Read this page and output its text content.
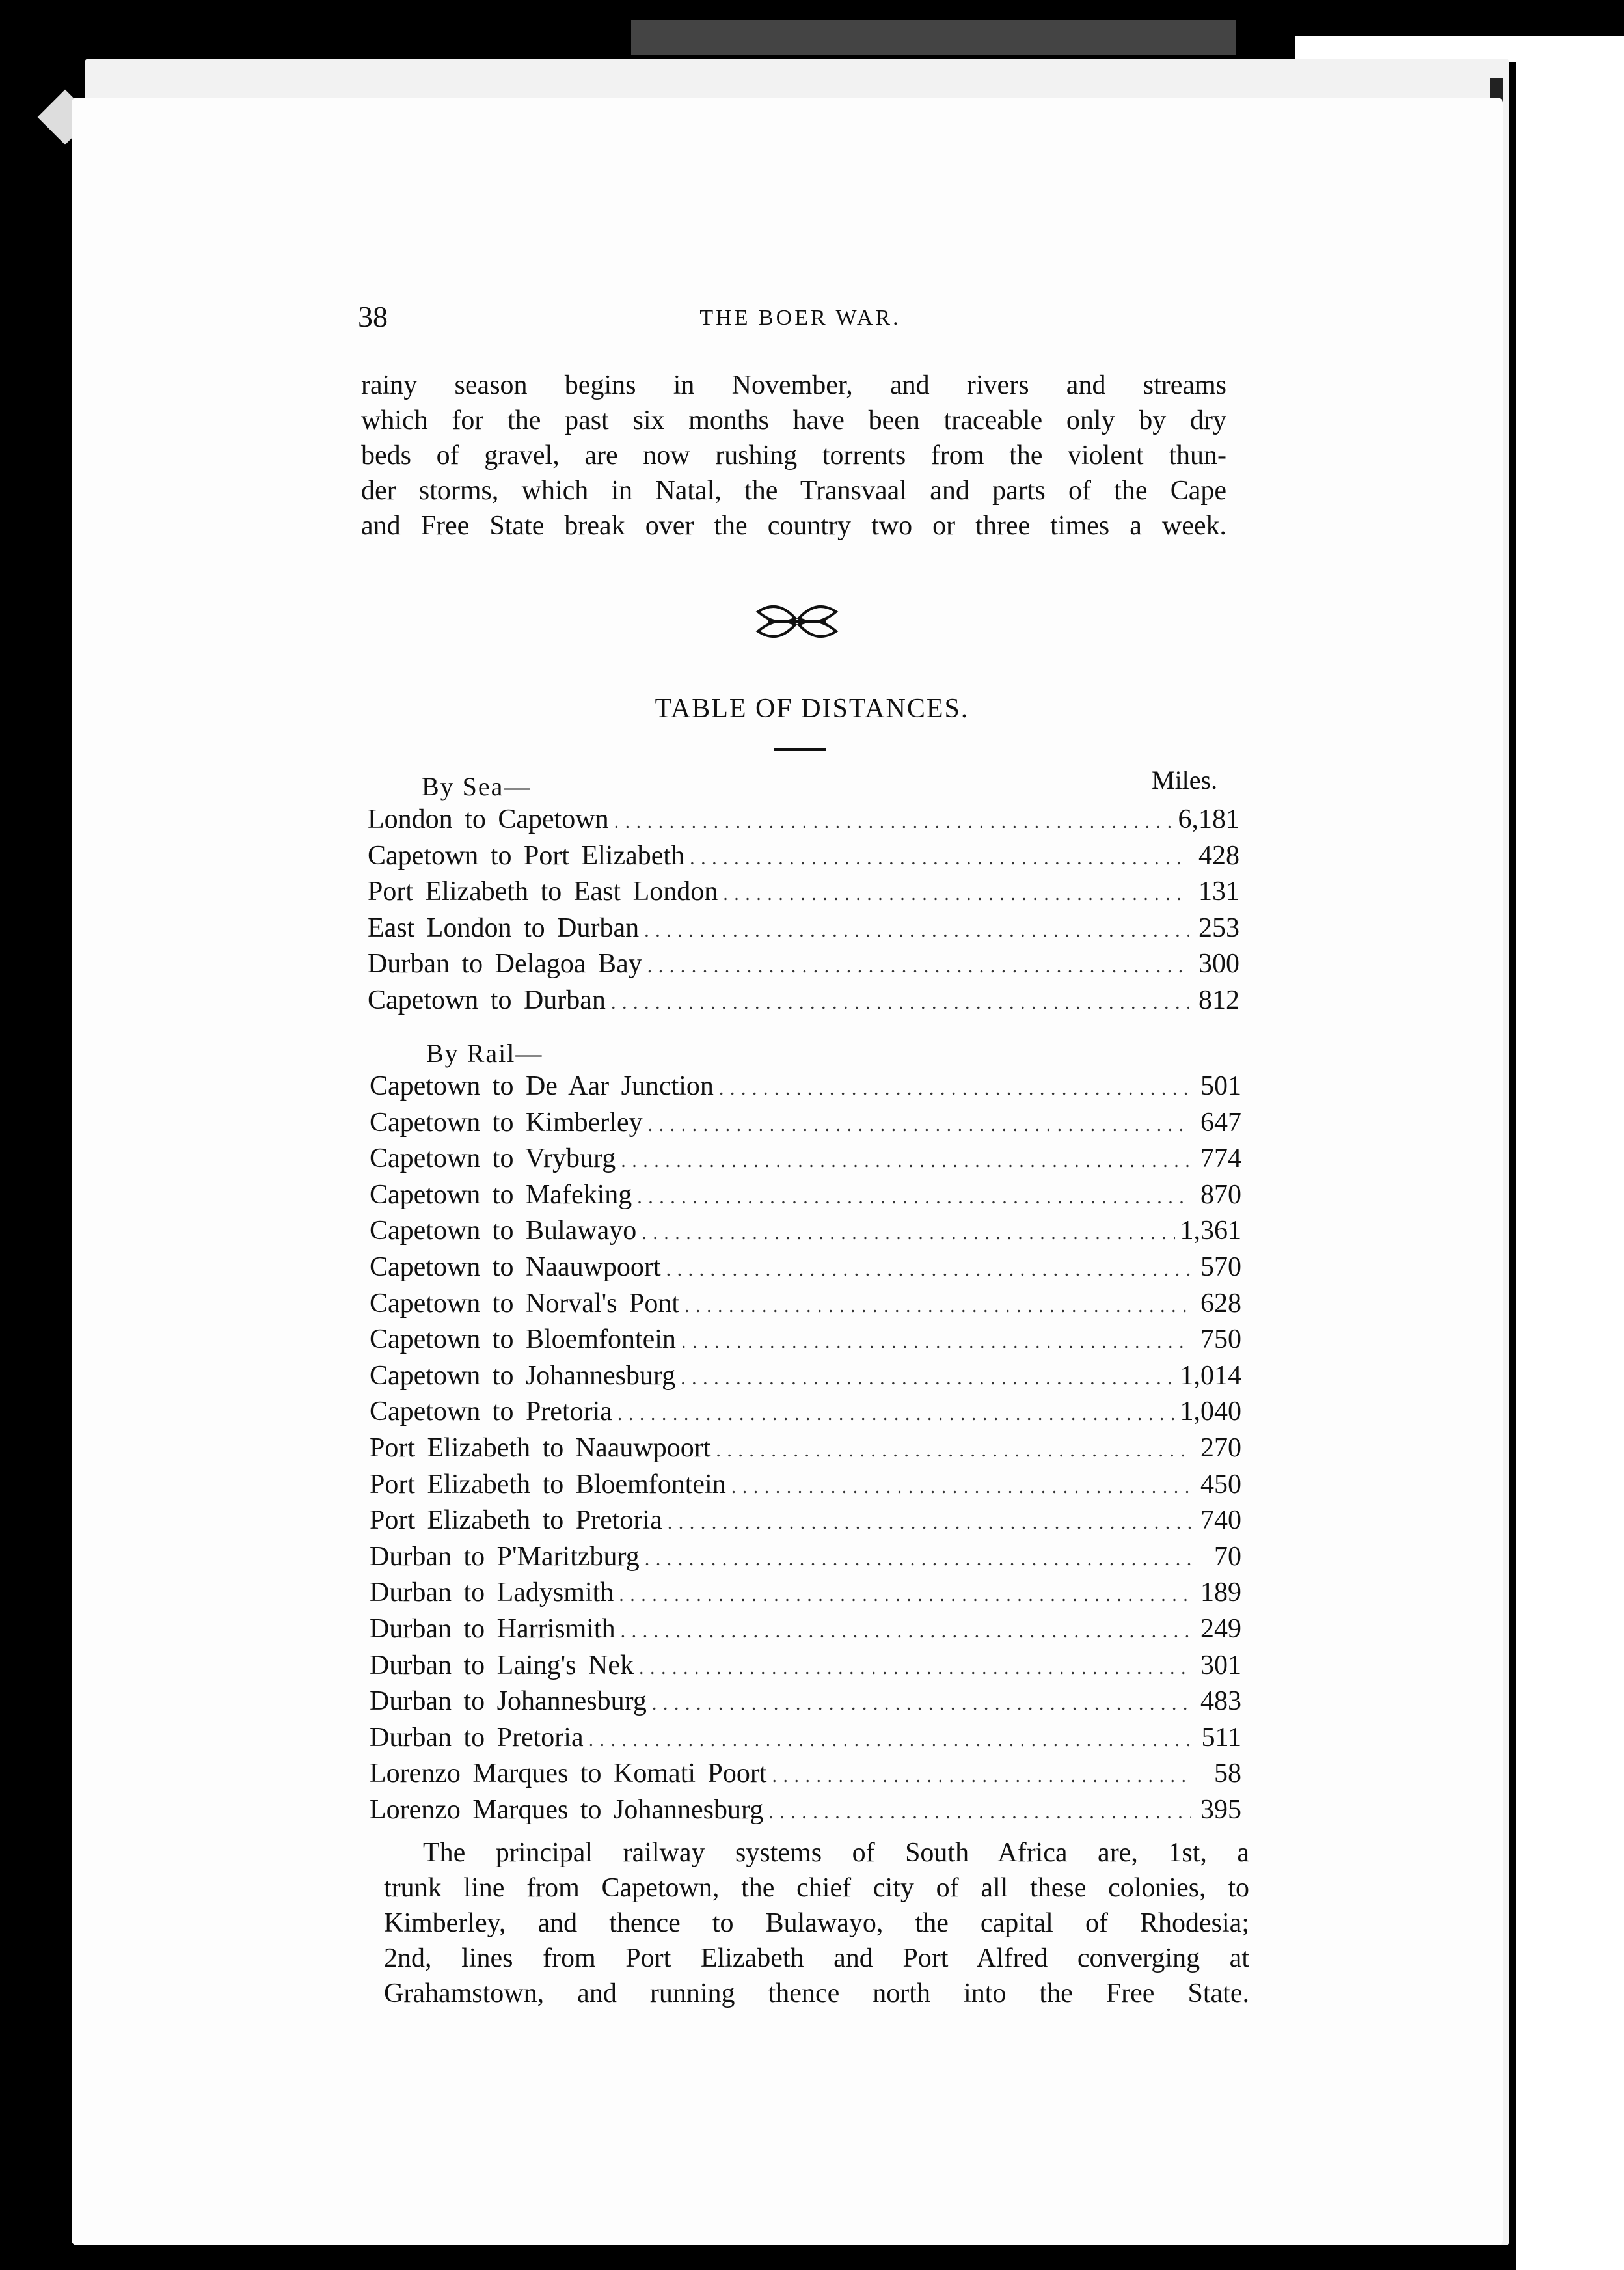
38	THE BOER WAR.
rainy season begins in November, and rivers and streams
which for the past six months have been traceable only by dry
beds of gravel, are now rushing torrents from the violent thun-
der storms, which in Natal, the Transvaal and parts of the Cape
and Free State break over the country two or three times a week.
TABLE OF DISTANCES.
By Sea—	Miles.
London to Capetown . . .	6,181
Capetown to Port Elizabeth . . .	428
Port Elizabeth to East London . . .	131
East London to Durban . . .	253
Durban to Delagoa Bay . . .	300
Capetown to Durban . . .	812
By Rail—
Capetown to De Aar Junction . . .	501
Capetown to Kimberley . . .	647
Capetown to Vryburg . . .	774
Capetown to Mafeking . . .	870
Capetown to Bulawayo . . .	1,361
Capetown to Naauwpoort . . .	570
Capetown to Norval's Pont . . .	628
Capetown to Bloemfontein . . .	750
Capetown to Johannesburg . . .	1,014
Capetown to Pretoria . . .	1,040
Port Elizabeth to Naauwpoort . . .	270
Port Elizabeth to Bloemfontein . . .	450
Port Elizabeth to Pretoria . . .	740
Durban to P'Maritzburg . . .	70
Durban to Ladysmith . . .	189
Durban to Harrismith . . .	249
Durban to Laing's Nek . . .	301
Durban to Johannesburg . . .	483
Durban to Pretoria . . .	511
Lorenzo Marques to Komati Poort . . .	58
Lorenzo Marques to Johannesburg . . .	395
The principal railway systems of South Africa are, 1st, a
trunk line from Capetown, the chief city of all these colonies, to
Kimberley, and thence to Bulawayo, the capital of Rhodesia;
2nd, lines from Port Elizabeth and Port Alfred converging at
Grahamstown, and running thence north into the Free State.
